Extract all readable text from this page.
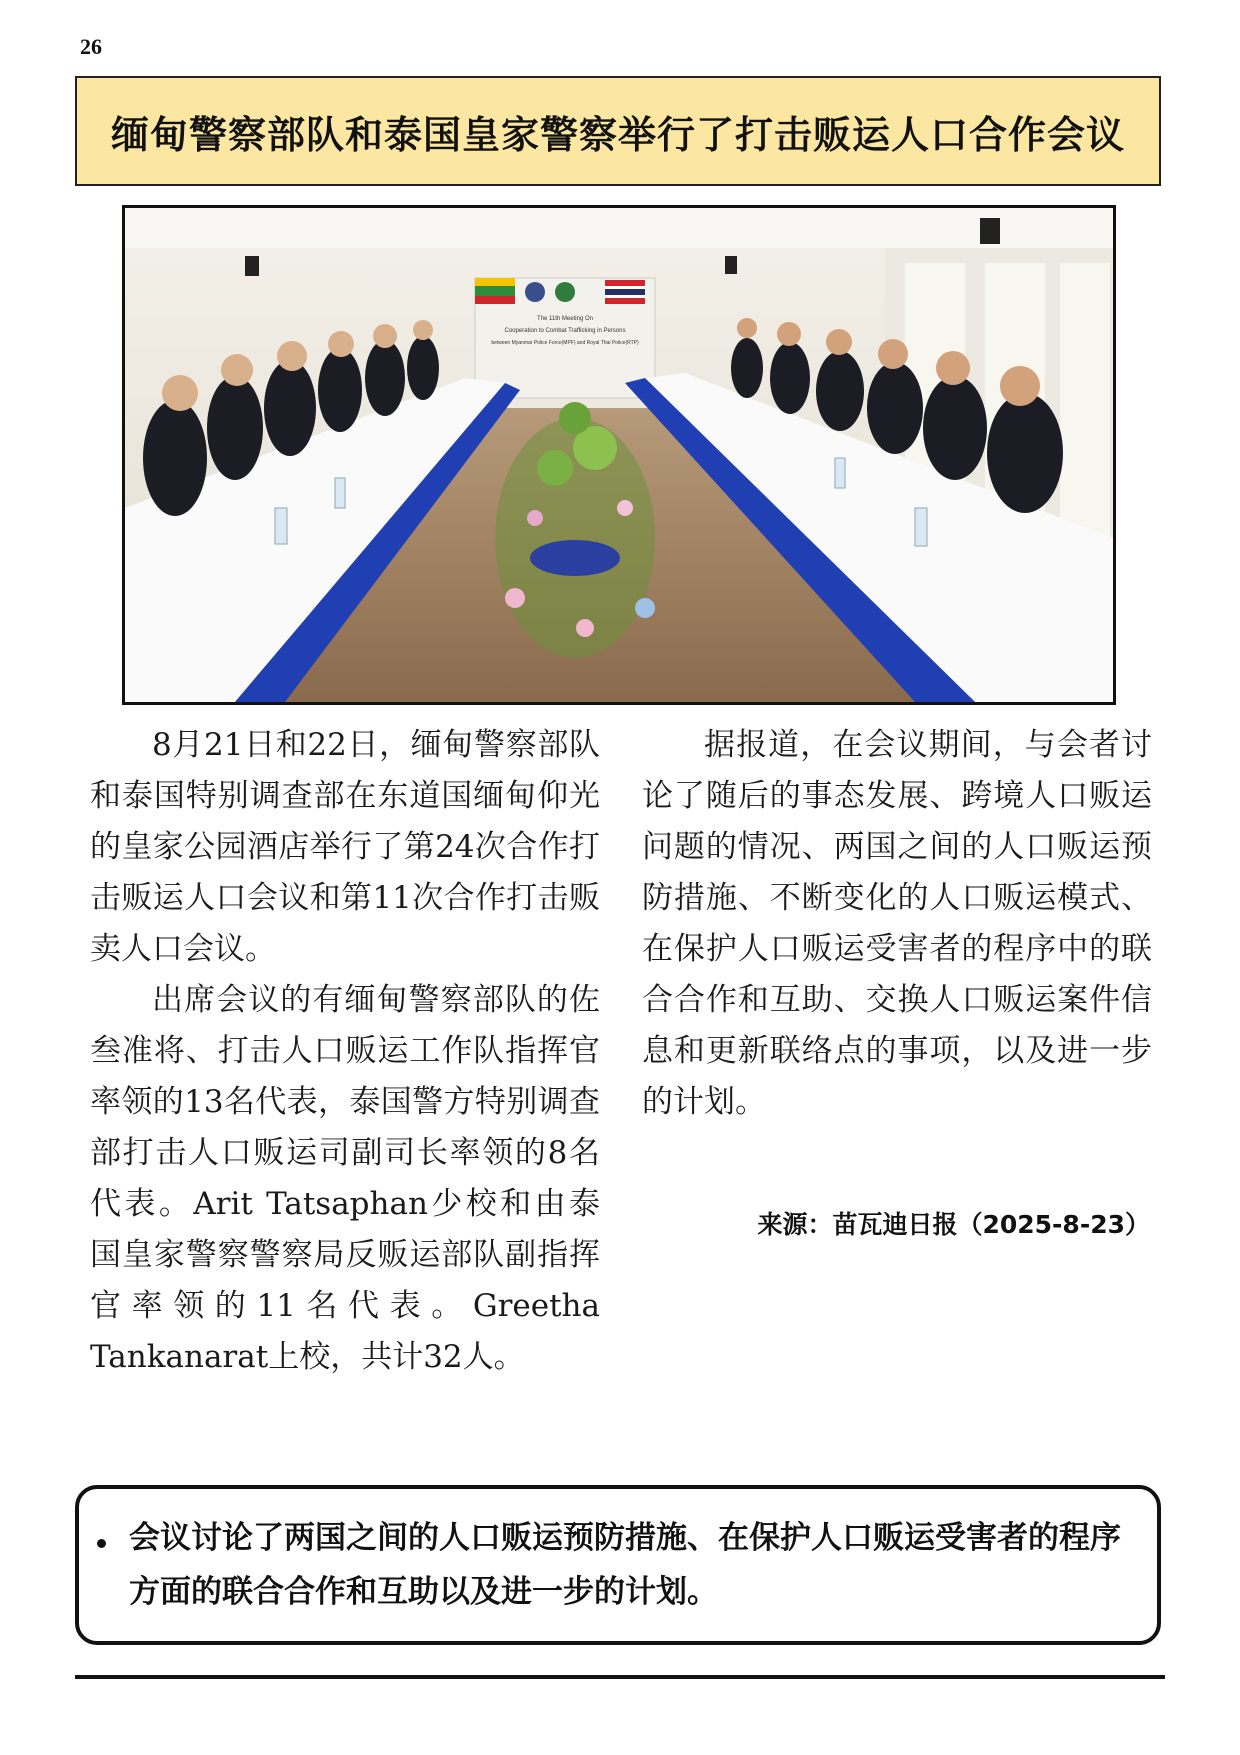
26
缅甸警察部队和泰国皇家警察举行了打击贩运人口合作会议
The 11th Meeting On
Cooperation to Combat Trafficking in Persons
between Myanmar Police Force(MPF) and Royal Thai Police(RTP)

8月21日和22日，缅甸警察部队和泰国特别调查部在东道国缅甸仰光的皇家公园酒店举行了第24次合作打击贩运人口会议和第11次合作打击贩卖人口会议。

出席会议的有缅甸警察部队的佐叁准将、打击人口贩运工作队指挥官率领的13名代表，泰国警方特别调查部打击人口贩运司副司长率领的8名代表。Arit Tatsaphan少校和由泰国皇家警察警察局反贩运部队副指挥官率领的11名代表。Greetha Tankanarat上校，共计32人。

据报道，在会议期间，与会者讨论了随后的事态发展、跨境人口贩运问题的情况、两国之间的人口贩运预防措施、不断变化的人口贩运模式、在保护人口贩运受害者的程序中的联合合作和互助、交换人口贩运案件信息和更新联络点的事项，以及进一步的计划。

来源：苗瓦迪日报（2025-8-23）
会议讨论了两国之间的人口贩运预防措施、在保护人口贩运受害者的程序方面的联合合作和互助以及进一步的计划。
